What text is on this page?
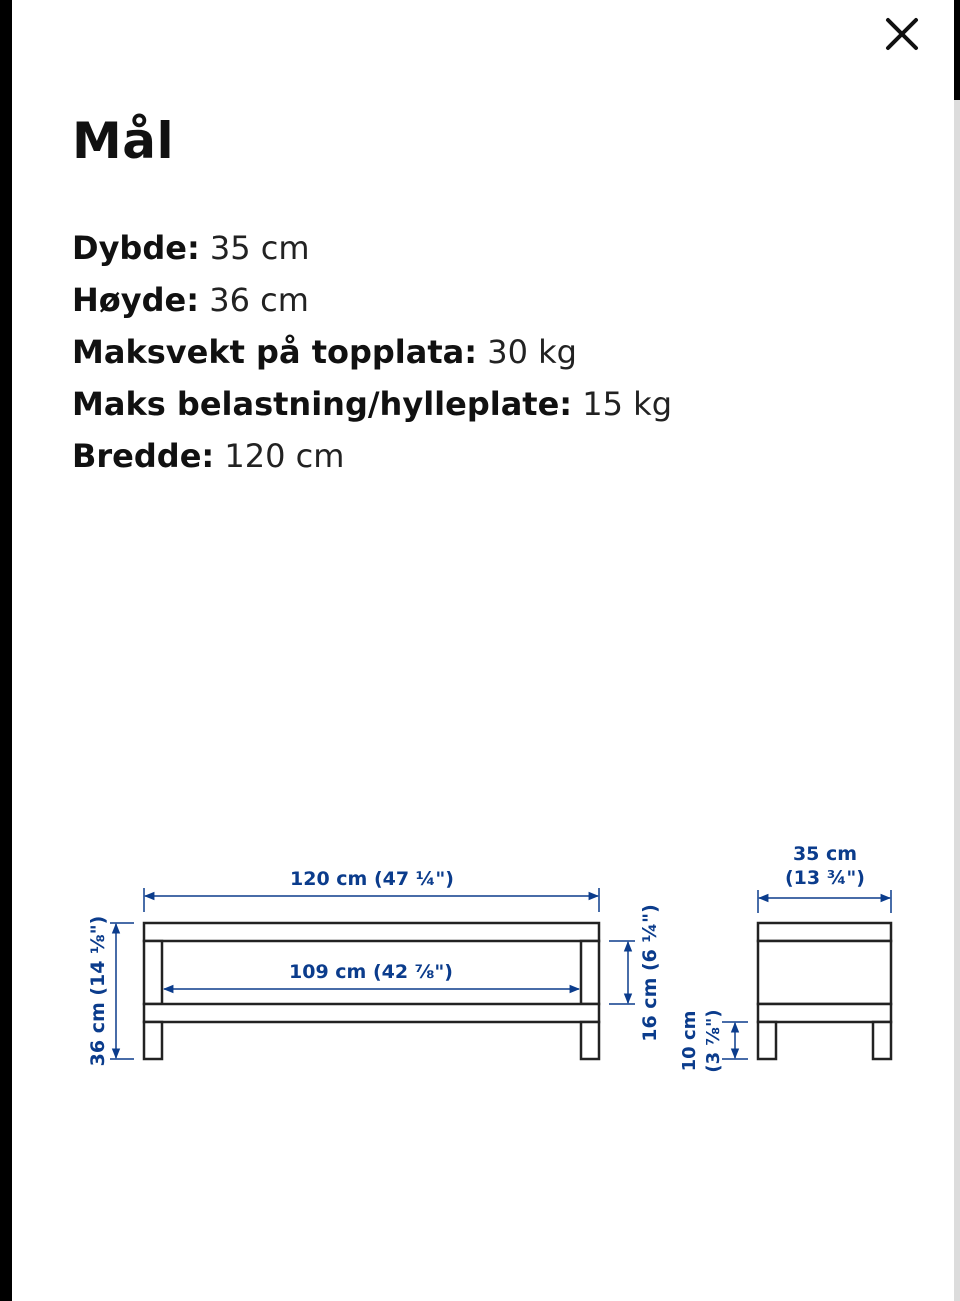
Mål
Dybde: 35 cm
Høyde: 36 cm
Maksvekt på topplata: 30 kg
Maks belastning/hylleplate: 15 kg
Bredde: 120 cm
120 cm (47 ¼")
109 cm (42 ⅞")
36 cm (14 ⅛")	16 cm (6 ¼") 10 cm (3 ⅞")
35 cm
(13 ¾")
